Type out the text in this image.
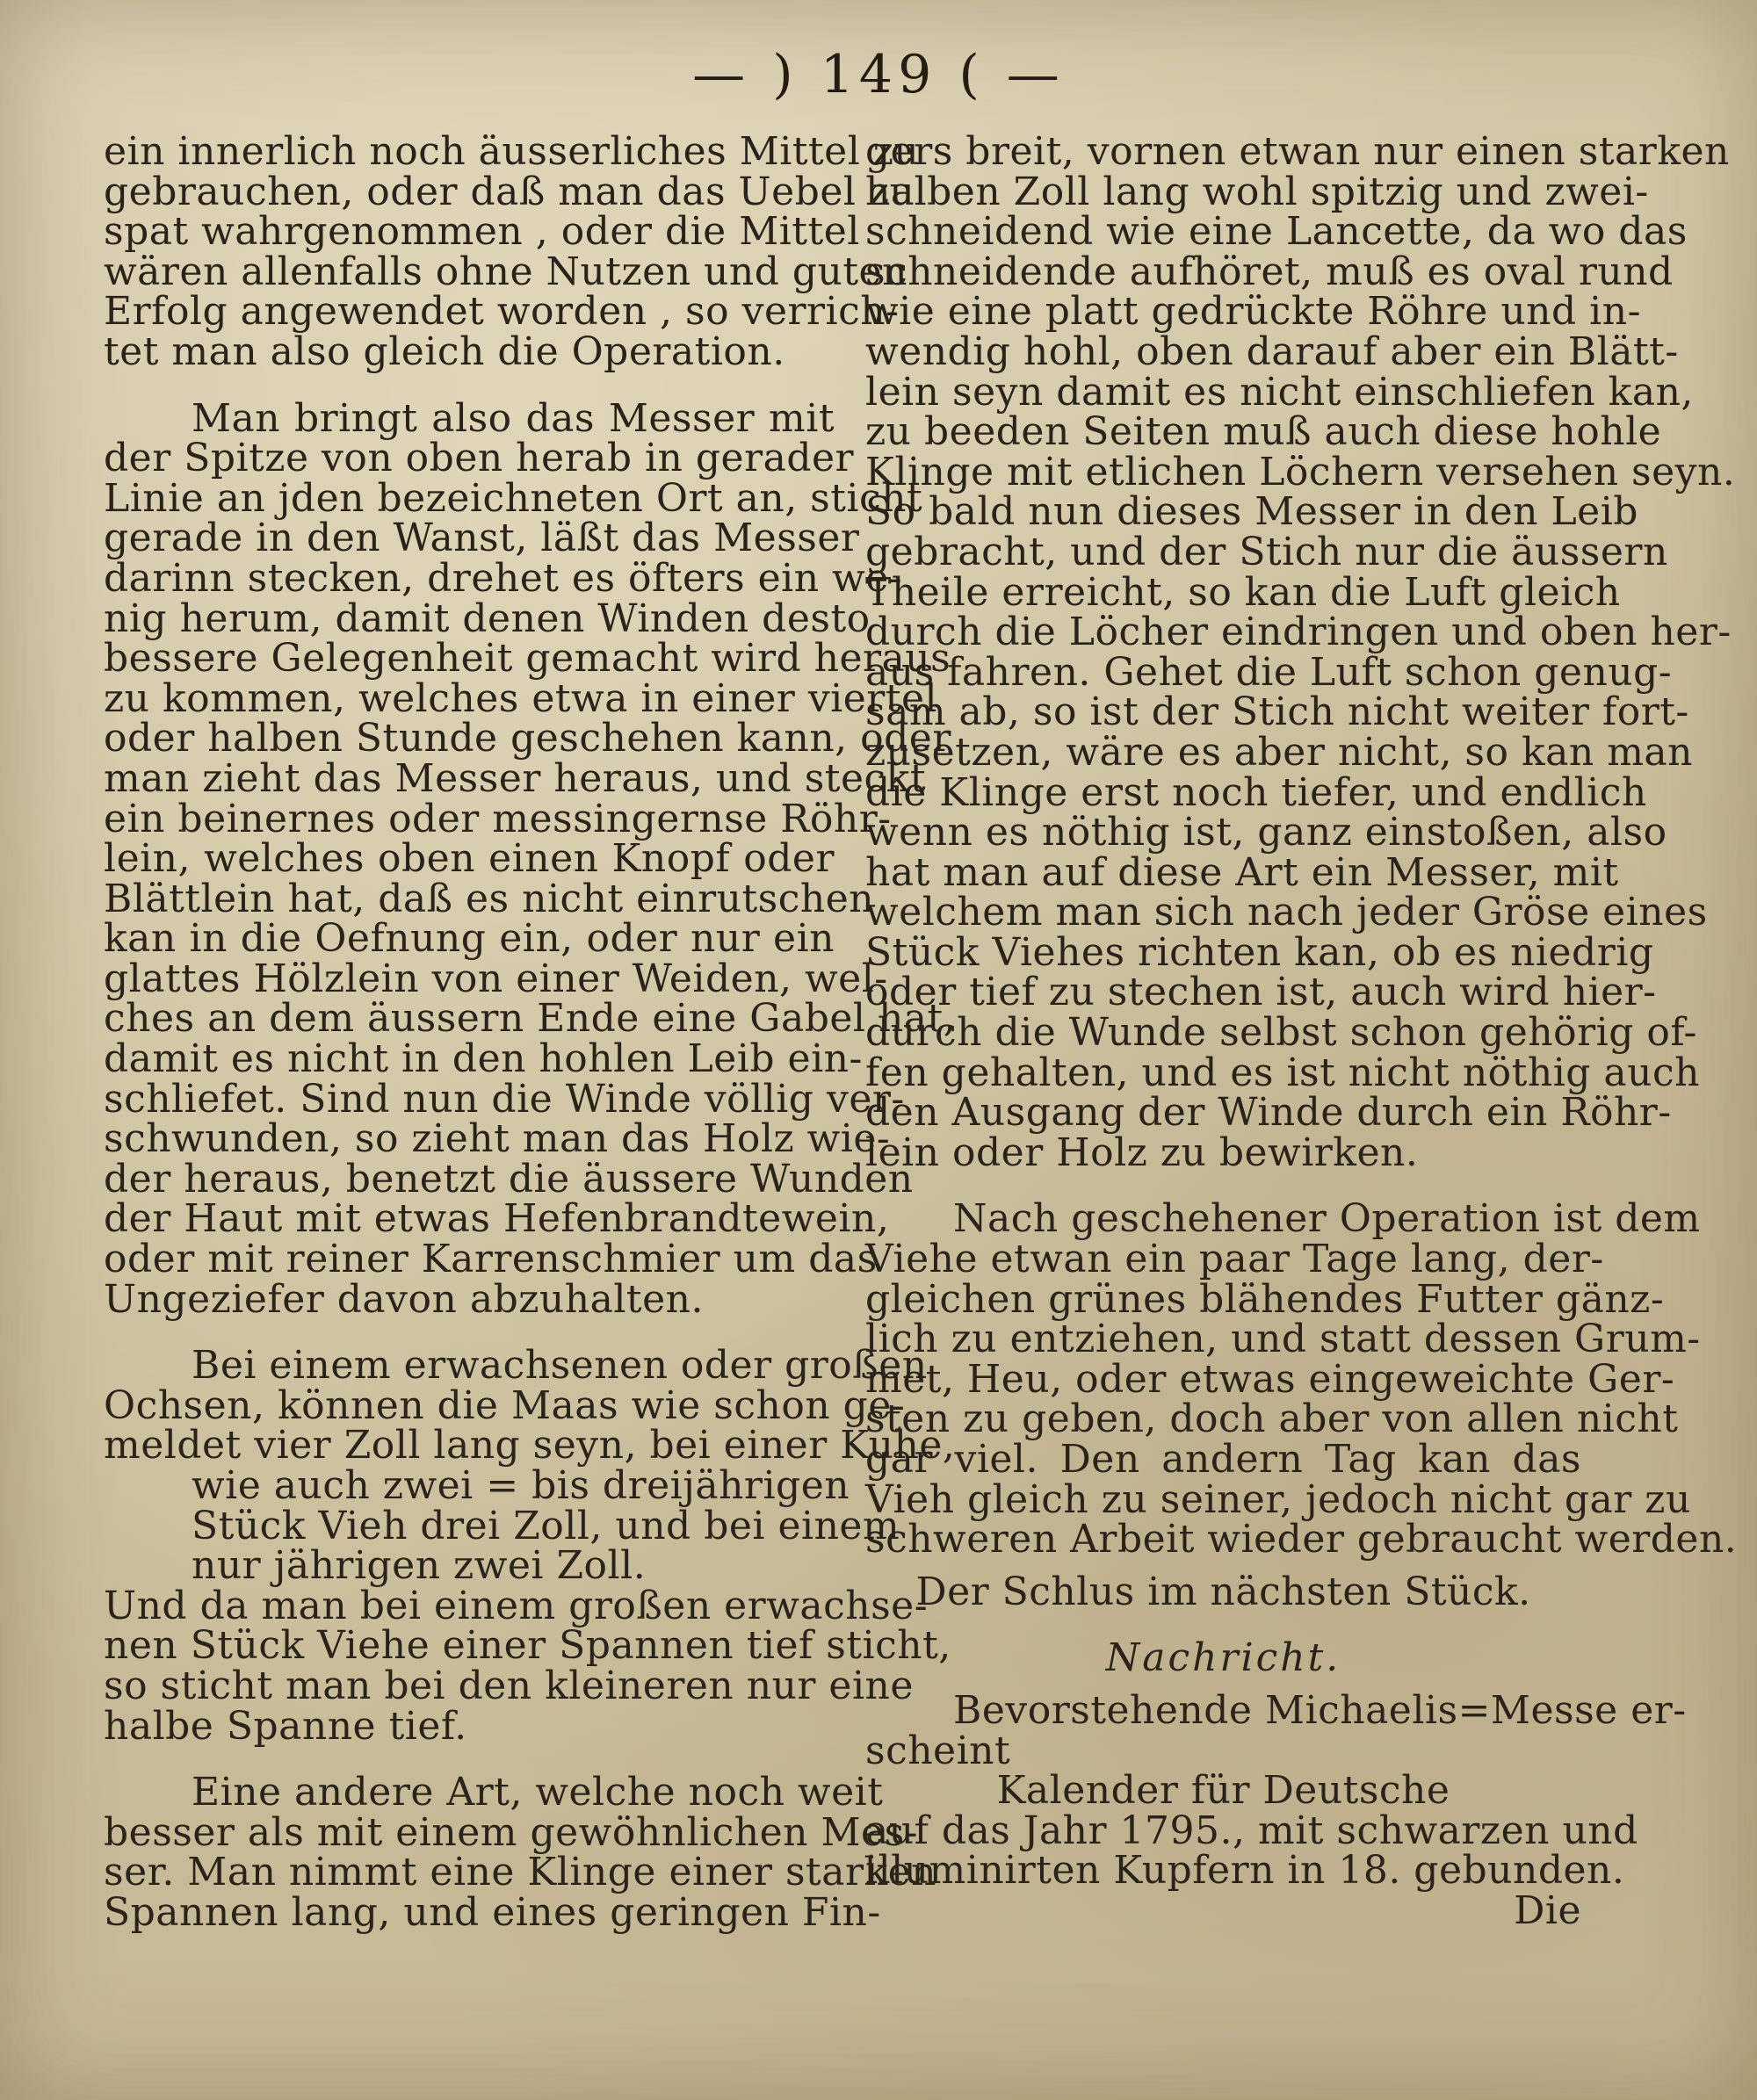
— ) 149 ( —
ein innerlich noch äusserliches Mittel zu
gebrauchen, oder daß man das Uebel zu
spat wahrgenommen , oder die Mittel
wären allenfalls ohne Nutzen und guten
Erfolg angewendet worden , so verrich-
tet man also gleich die Operation.
Man bringt also das Messer mit
der Spitze von oben herab in gerader
Linie an jden bezeichneten Ort an, sticht
gerade in den Wanst, läßt das Messer
darinn stecken, drehet es öfters ein we-
nig herum, damit denen Winden desto
bessere Gelegenheit gemacht wird heraus
zu kommen, welches etwa in einer viertel
oder halben Stunde geschehen kann, oder
man zieht das Messer heraus, und steckt
ein beinernes oder messingernse Röhr-
lein, welches oben einen Knopf oder
Blättlein hat, daß es nicht einrutschen
kan in die Oefnung ein, oder nur ein
glattes Hölzlein von einer Weiden, wel-
ches an dem äussern Ende eine Gabel hat,
damit es nicht in den hohlen Leib ein-
schliefet. Sind nun die Winde völlig ver-
schwunden, so zieht man das Holz wie-
der heraus, benetzt die äussere Wunden
der Haut mit etwas Hefenbrandtewein,
oder mit reiner Karrenschmier um das
Ungeziefer davon abzuhalten.
Bei einem erwachsenen oder großen
Ochsen, können die Maas wie schon ge-
meldet vier Zoll lang seyn, bei einer Kuhe,
wie auch zwei = bis dreijährigen
Stück Vieh drei Zoll, und bei einem
nur jährigen zwei Zoll.
Und da man bei einem großen erwachse-
nen Stück Viehe einer Spannen tief sticht,
so sticht man bei den kleineren nur eine
halbe Spanne tief.
Eine andere Art, welche noch weit
besser als mit einem gewöhnlichen Mes-
ser. Man nimmt eine Klinge einer starken
Spannen lang, und eines geringen Fin-
gers breit, vornen etwan nur einen starken
halben Zoll lang wohl spitzig und zwei-
schneidend wie eine Lancette, da wo das
schneidende aufhöret, muß es oval rund
wie eine platt gedrückte Röhre und in-
wendig hohl, oben darauf aber ein Blätt-
lein seyn damit es nicht einschliefen kan,
zu beeden Seiten muß auch diese hohle
Klinge mit etlichen Löchern versehen seyn.
So bald nun dieses Messer in den Leib
gebracht, und der Stich nur die äussern
Theile erreicht, so kan die Luft gleich
durch die Löcher eindringen und oben her-
aus fahren. Gehet die Luft schon genug-
sam ab, so ist der Stich nicht weiter fort-
zusetzen, wäre es aber nicht, so kan man
die Klinge erst noch tiefer, und endlich
wenn es nöthig ist, ganz einstoßen, also
hat man auf diese Art ein Messer, mit
welchem man sich nach jeder Gröse eines
Stück Viehes richten kan, ob es niedrig
oder tief zu stechen ist, auch wird hier-
durch die Wunde selbst schon gehörig of-
fen gehalten, und es ist nicht nöthig auch
den Ausgang der Winde durch ein Röhr-
lein oder Holz zu bewirken.
Nach geschehener Operation ist dem
Viehe etwan ein paar Tage lang, der-
gleichen grünes blähendes Futter gänz-
lich zu entziehen, und statt dessen Grum-
met, Heu, oder etwas eingeweichte Ger-
sten zu geben, doch aber von allen nicht
gar viel. Den andern Tag kan das
Vieh gleich zu seiner, jedoch nicht gar zu
schweren Arbeit wieder gebraucht werden.
Der Schlus im nächsten Stück.
Nachricht.
Bevorstehende Michaelis=Messe er-
scheint
Kalender für Deutsche
auf das Jahr 1795., mit schwarzen und
illuminirten Kupfern in 18. gebunden.
Die
